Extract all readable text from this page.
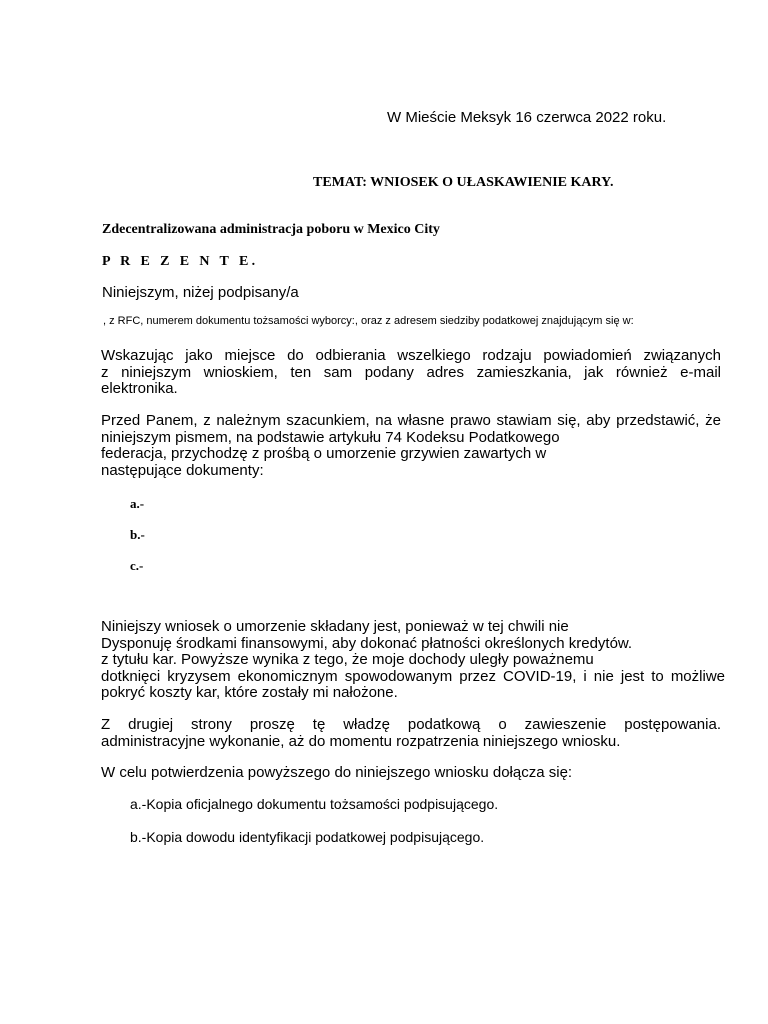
W Mieście Meksyk 16 czerwca 2022 roku.
TEMAT: WNIOSEK O UŁASKAWIENIE KARY.
Zdecentralizowana administracja poboru w Mexico City
P R E Z E N T E.
Niniejszym, niżej podpisany/a
, z RFC, numerem dokumentu tożsamości wyborcy:, oraz z adresem siedziby podatkowej znajdującym się w:
Wskazując jako miejsce do odbierania wszelkiego rodzaju powiadomień związanych
z niniejszym wnioskiem, ten sam podany adres zamieszkania, jak również e-mail
elektronika.
Przed Panem, z należnym szacunkiem, na własne prawo stawiam się, aby przedstawić, że
niniejszym pismem, na podstawie artykułu 74 Kodeksu Podatkowego
federacja, przychodzę z prośbą o umorzenie grzywien zawartych w
następujące dokumenty:
a.-
b.-
c.-
Niniejszy wniosek o umorzenie składany jest, ponieważ w tej chwili nie
Dysponuję środkami finansowymi, aby dokonać płatności określonych kredytów.
z tytułu kar. Powyższe wynika z tego, że moje dochody uległy poważnemu
dotknięci kryzysem ekonomicznym spowodowanym przez COVID-19, i nie jest to możliwe
pokryć koszty kar, które zostały mi nałożone.
Z drugiej strony proszę tę władzę podatkową o zawieszenie postępowania.
administracyjne wykonanie, aż do momentu rozpatrzenia niniejszego wniosku.
W celu potwierdzenia powyższego do niniejszego wniosku dołącza się:
a.-Kopia oficjalnego dokumentu tożsamości podpisującego.
b.-Kopia dowodu identyfikacji podatkowej podpisującego.
